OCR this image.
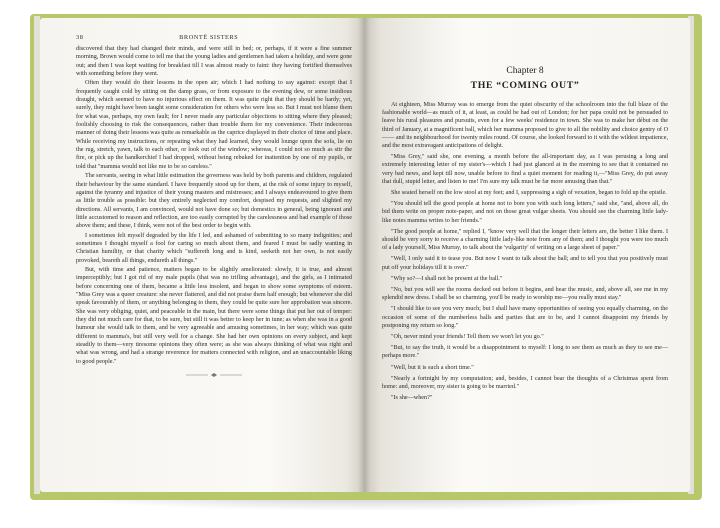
38	BRONTË SISTERS

discovered that they had changed their minds, and were still in bed; or, perhaps, if it were a fine summer morning, Brown would come to tell me that the young ladies and gentlemen had taken a holiday, and were gone out; and then I was kept waiting for breakfast till I was almost ready to faint: they having fortified themselves with something before they went.

Often they would do their lessons in the open air; which I had nothing to say against: except that I frequently caught cold by sitting on the damp grass, or from exposure to the evening dew, or some insidious draught, which seemed to have no injurious effect on them. It was quite right that they should be hardy; yet, surely, they might have been taught some consideration for others who were less so. But I must not blame them for what was, perhaps, my own fault; for I never made any particular objections to sitting where they pleased; foolishly choosing to risk the consequences, rather than trouble them for my convenience. Their indecorous manner of doing their lessons was quite as remarkable as the caprice displayed in their choice of time and place. While receiving my instructions, or repeating what they had learned, they would lounge upon the sofa, lie on the rug, stretch, yawn, talk to each other, or look out of the window; whereas, I could not so much as stir the fire, or pick up the handkerchief I had dropped, without being rebuked for inattention by one of my pupils, or told that "mamma would not like me to be so careless."

The servants, seeing in what little estimation the governess was held by both parents and children, regulated their behaviour by the same standard. I have frequently stood up for them, at the risk of some injury to myself, against the tyranny and injustice of their young masters and mistresses; and I always endeavoured to give them as little trouble as possible: but they entirely neglected my comfort, despised my requests, and slighted my directions. All servants, I am convinced, would not have done so; but domestics in general, being ignorant and little accustomed to reason and reflection, are too easily corrupted by the carelessness and bad example of those above them; and these, I think, were not of the best order to begin with.

I sometimes felt myself degraded by the life I led, and ashamed of submitting to so many indignities; and sometimes I thought myself a fool for caring so much about them, and feared I must be sadly wanting in Christian humility, or that charity which "suffereth long and is kind, seeketh not her own, is not easily provoked, beareth all things, endureth all things."

But, with time and patience, matters began to be slightly ameliorated: slowly, it is true, and almost imperceptibly; but I got rid of my male pupils (that was no trifling advantage), and the girls, as I intimated before concerning one of them, became a little less insolent, and began to show some symptoms of esteem. "Miss Grey was a queer creature: she never flattered, and did not praise them half enough; but whenever she did speak favourably of them, or anything belonging to them, they could be quite sure her approbation was sincere. She was very obliging, quiet, and peaceable in the main, but there were some things that put her out of temper: they did not much care for that, to be sure, but still it was better to keep her in tune; as when she was in a good humour she would talk to them, and be very agreeable and amusing sometimes, in her way; which was quite different to mamma's, but still very well for a change. She had her own opinions on every subject, and kept steadily to them—very tiresome opinions they often were; as she was always thinking of what was right and what was wrong, and had a strange reverence for matters connected with religion, and an unaccountable liking to good people."

Chapter 8
THE “COMING OUT”

At eighteen, Miss Murray was to emerge from the quiet obscurity of the schoolroom into the full blaze of the fashionable world—as much of it, at least, as could be had out of London; for her papa could not be persuaded to leave his rural pleasures and pursuits, even for a few weeks' residence in town. She was to make her début on the third of January, at a magnificent ball, which her mamma proposed to give to all the nobility and choice gentry of O—— and its neighbourhood for twenty miles round. Of course, she looked forward to it with the wildest impatience, and the most extravagant anticipations of delight.

"Miss Grey," said she, one evening, a month before the all-important day, as I was perusing a long and extremely interesting letter of my sister's—which I had just glanced at in the morning to see that it contained no very bad news, and kept till now, unable before to find a quiet moment for reading it,—"Miss Grey, do put away that dull, stupid letter, and listen to me! I'm sure my talk must be far more amusing than that."

She seated herself on the low stool at my feet; and I, suppressing a sigh of vexation, began to fold up the epistle.

"You should tell the good people at home not to bore you with such long letters," said she, "and, above all, do bid them write on proper note-paper, and not on those great vulgar sheets. You should see the charming little lady-like notes mamma writes to her friends."

"The good people at home," replied I, "know very well that the longer their letters are, the better I like them. I should be very sorry to receive a charming little lady-like note from any of them; and I thought you were too much of a lady yourself, Miss Murray, to talk about the 'vulgarity' of writing on a large sheet of paper."

"Well, I only said it to tease you. But now I want to talk about the ball; and to tell you that you positively must put off your holidays till it is over."

"Why so?—I shall not be present at the ball."

"No, but you will see the rooms decked out before it begins, and hear the music, and, above all, see me in my splendid new dress. I shall be so charming, you'll be ready to worship me—you really must stay."

"I should like to see you very much; but I shall have many opportunities of seeing you equally charming, on the occasion of some of the numberless balls and parties that are to be, and I cannot disappoint my friends by postponing my return so long."

"Oh, never mind your friends! Tell them we won't let you go."

"But, to say the truth, it would be a disappointment to myself: I long to see them as much as they to see me—perhaps more."

"Well, but it is such a short time."

"Nearly a fortnight by my computation; and, besides, I cannot bear the thoughts of a Christmas spent from home: and, moreover, my sister is going to be married."

"Is she—when?"
